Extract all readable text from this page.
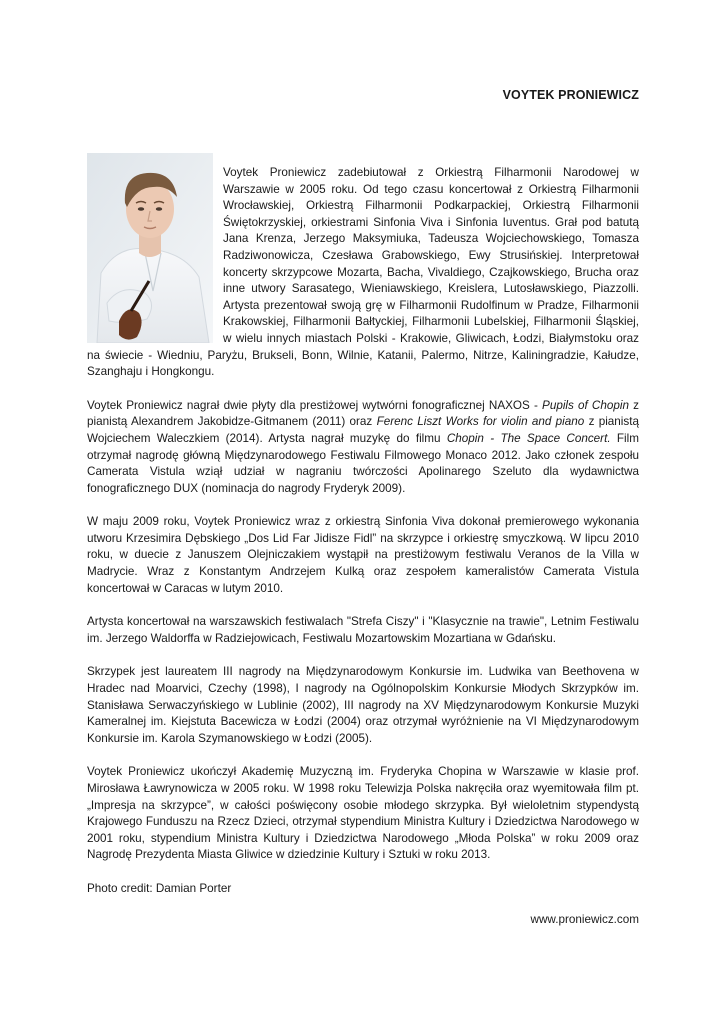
VOYTEK PRONIEWICZ

Voytek Proniewicz zadebiutował z Orkiestrą Filharmonii Narodowej w Warszawie w 2005 roku. Od tego czasu koncertował z Orkiestrą Filharmonii Wrocławskiej, Orkiestrą Filharmonii Podkarpackiej, Orkiestrą Filharmonii Świętokrzyskiej, orkiestrami Sinfonia Viva i Sinfonia Iuventus. Grał pod batutą Jana Krenza, Jerzego Maksymiuka, Tadeusza Wojciechowskiego, Tomasza Radziwonowicza, Czesława Grabowskiego, Ewy Strusińskiej. Interpretował koncerty skrzypcowe Mozarta, Bacha, Vivaldiego, Czajkowskiego, Brucha oraz inne utwory Sarasatego, Wieniawskiego, Kreislera, Lutosławskiego, Piazzolli. Artysta prezentował swoją grę w Filharmonii Rudolfinum w Pradze, Filharmonii Krakowskiej, Filharmonii Bałtyckiej, Filharmonii Lubelskiej, Filharmonii Śląskiej, w wielu innych miastach Polski - Krakowie, Gliwicach, Łodzi, Białymstoku oraz na świecie - Wiedniu, Paryżu, Brukseli, Bonn, Wilnie, Katanii, Palermo, Nitrze, Kaliningradzie, Kałudze, Szanghaju i Hongkongu.

Voytek Proniewicz nagrał dwie płyty dla prestiżowej wytwórni fonograficznej NAXOS - Pupils of Chopin z pianistą Alexandrem Jakobidze-Gitmanem (2011) oraz Ferenc Liszt Works for violin and piano z pianistą Wojciechem Waleczkiem (2014). Artysta nagrał muzykę do filmu Chopin - The Space Concert. Film otrzymał nagrodę główną Międzynarodowego Festiwalu Filmowego Monaco 2012. Jako członek zespołu Camerata Vistula wziął udział w nagraniu twórczości Apolinarego Szeluto dla wydawnictwa fonograficznego DUX (nominacja do nagrody Fryderyk 2009).

W maju 2009 roku, Voytek Proniewicz wraz z orkiestrą Sinfonia Viva dokonał premierowego wykonania utworu Krzesimira Dębskiego „Dos Lid Far Jidisze Fidl” na skrzypce i orkiestrę smyczkową. W lipcu 2010 roku, w duecie z Januszem Olejniczakiem wystąpił na prestiżowym festiwalu Veranos de la Villa w Madrycie. Wraz z Konstantym Andrzejem Kulką oraz zespołem kameralistów Camerata Vistula koncertował w Caracas w lutym 2010.

Artysta koncertował na warszawskich festiwalach "Strefa Ciszy" i "Klasycznie na trawie", Letnim Festiwalu im. Jerzego Waldorffa w Radziejowicach, Festiwalu Mozartowskim Mozartiana w Gdańsku.

Skrzypek jest laureatem III nagrody na Międzynarodowym Konkursie im. Ludwika van Beethovena w Hradec nad Moarvici, Czechy (1998), I nagrody na Ogólnopolskim Konkursie Młodych Skrzypków im. Stanisława Serwaczyńskiego w Lublinie (2002), III nagrody na XV Międzynarodowym Konkursie Muzyki Kameralnej im. Kiejstuta Bacewicza w Łodzi (2004) oraz otrzymał wyróżnienie na VI Międzynarodowym Konkursie im. Karola Szymanowskiego w Łodzi (2005).

Voytek Proniewicz ukończył Akademię Muzyczną im. Fryderyka Chopina w Warszawie w klasie prof. Mirosława Ławrynowicza w 2005 roku. W 1998 roku Telewizja Polska nakręciła oraz wyemitowała film pt. „Impresja na skrzypce”, w całości poświęcony osobie młodego skrzypka. Był wieloletnim stypendystą Krajowego Funduszu na Rzecz Dzieci, otrzymał stypendium Ministra Kultury i Dziedzictwa Narodowego w 2001 roku, stypendium Ministra Kultury i Dziedzictwa Narodowego „Młoda Polska” w roku 2009 oraz Nagrodę Prezydenta Miasta Gliwice w dziedzinie Kultury i Sztuki w roku 2013.

Photo credit: Damian Porter

www.proniewicz.com
